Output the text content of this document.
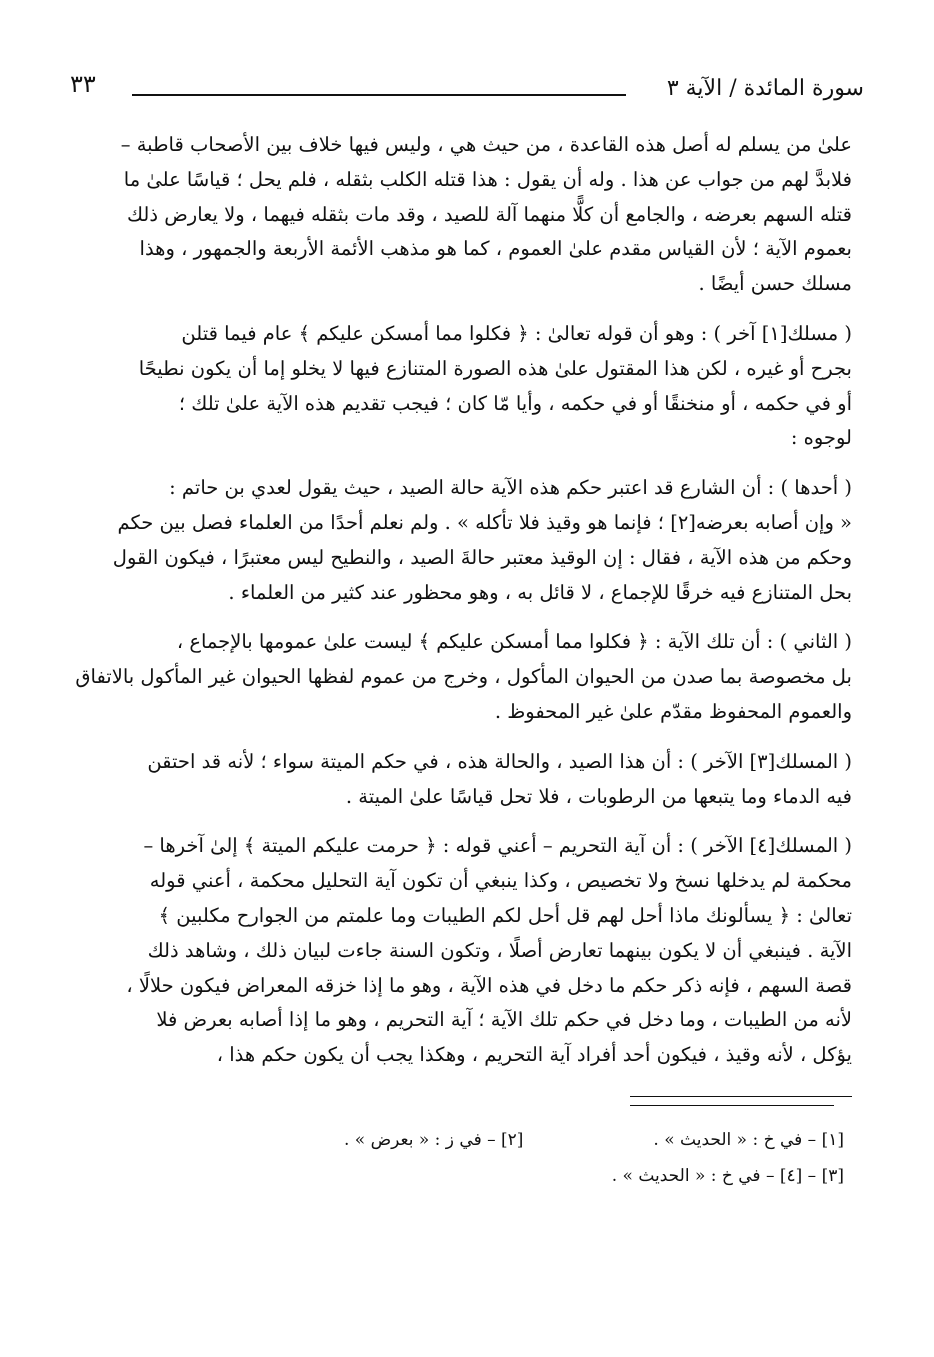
سورة المائدة / الآية ٣
٣٣

علىٰ من يسلم له أصل هذه القاعدة ، من حيث هي ، وليس فيها خلاف بين الأصحاب قاطبة –
فلابدَّ لهم من جواب عن هذا . وله أن يقول : هذا قتله الكلب بثقله ، فلم يحل ؛ قياسًا علىٰ ما
قتله السهم بعرضه ، والجامع أن كلًّا منهما آلة للصيد ، وقد مات بثقله فيهما ، ولا يعارض ذلك
بعموم الآية ؛ لأن القياس مقدم علىٰ العموم ، كما هو مذهب الأئمة الأربعة والجمهور ، وهذا
مسلك حسن أيضًا .

( مسلك[١] آخر ) : وهو أن قوله تعالىٰ : ﴿ فكلوا مما أمسكن عليكم ﴾ عام فيما قتلن
بجرح أو غيره ، لكن هذا المقتول علىٰ هذه الصورة المتنازع فيها لا يخلو إما أن يكون نطيحًا
أو في حكمه ، أو منخنقًا أو في حكمه ، وأيا مّا كان ؛ فيجب تقديم هذه الآية علىٰ تلك ؛
لوجوه :

( أحدها ) : أن الشارع قد اعتبر حكم هذه الآية حالة الصيد ، حيث يقول لعدي بن حاتم :
« وإن أصابه بعرضه[٢] ؛ فإنما هو وقيذ فلا تأكله » . ولم نعلم أحدًا من العلماء فصل بين حكم
وحكم من هذه الآية ، فقال : إن الوقيذ معتبر حالةَ الصيد ، والنطيح ليس معتبرًا ، فيكون القول
بحل المتنازع فيه خرقًا للإجماع ، لا قائل به ، وهو محظور عند كثير من العلماء .

( الثاني ) : أن تلك الآية : ﴿ فكلوا مما أمسكن عليكم ﴾ ليست علىٰ عمومها بالإجماع ،
بل مخصوصة بما صدن من الحيوان المأكول ، وخرج من عموم لفظها الحيوان غير المأكول بالاتفاق
والعموم المحفوظ مقدّم علىٰ غير المحفوظ .

( المسلك[٣] الآخر ) : أن هذا الصيد ، والحالة هذه ، في حكم الميتة سواء ؛ لأنه قد احتقن
فيه الدماء وما يتبعها من الرطوبات ، فلا تحل قياسًا علىٰ الميتة .

( المسلك[٤] الآخر ) : أن آية التحريم – أعني قوله : ﴿ حرمت عليكم الميتة ﴾ إلىٰ آخرها –
محكمة لم يدخلها نسخ ولا تخصيص ، وكذا ينبغي أن تكون آية التحليل محكمة ، أعني قوله
تعالىٰ : ﴿ يسألونك ماذا أحل لهم قل أحل لكم الطيبات وما علمتم من الجوارح مكلبين ﴾
الآية . فينبغي أن لا يكون بينهما تعارض أصلًا ، وتكون السنة جاءت لبيان ذلك ، وشاهد ذلك
قصة السهم ، فإنه ذكر حكم ما دخل في هذه الآية ، وهو ما إذا خزقه المعراض فيكون حلالًا ،
لأنه من الطيبات ، وما دخل في حكم تلك الآية ؛ آية التحريم ، وهو ما إذا أصابه بعرض فلا
يؤكل ، لأنه وقيذ ، فيكون أحد أفراد آية التحريم ، وهكذا يجب أن يكون حكم هذا ،

[١] – في خ : « الحديث » .
[٢] – في ز : « بعرض » .
[٣] – [٤] – في خ : « الحديث » .
